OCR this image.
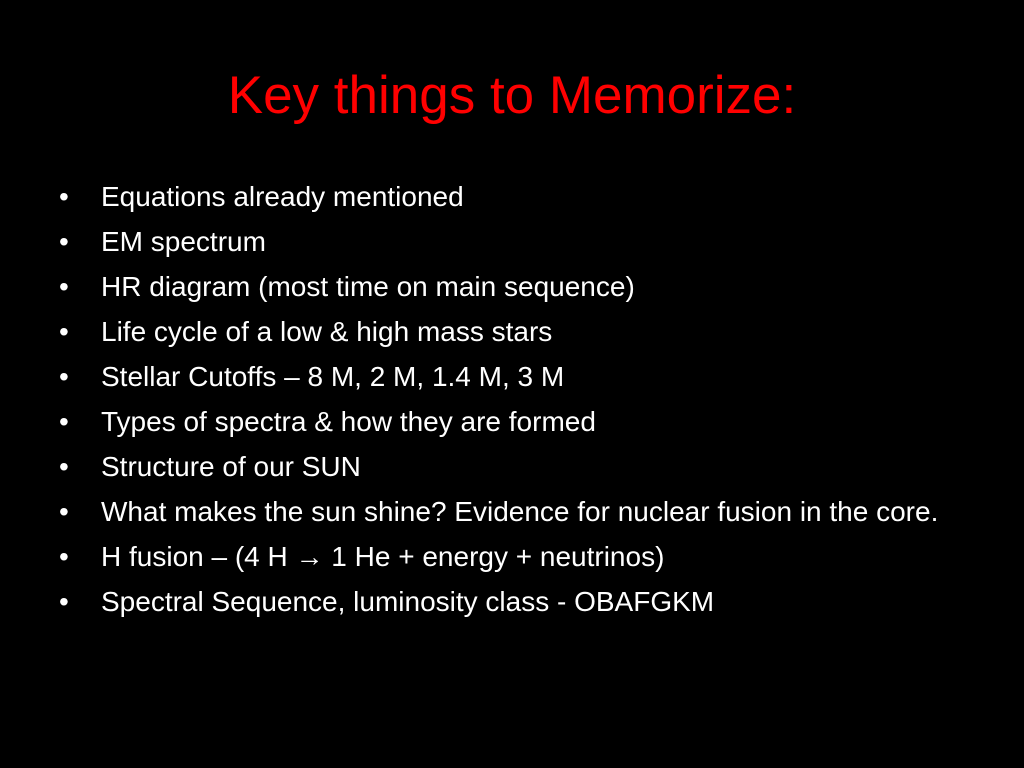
Key things to Memorize:
• Equations already mentioned
• EM spectrum
• HR diagram (most time on main sequence)
• Life cycle of a low & high mass stars
• Stellar Cutoffs – 8 M, 2 M, 1.4 M, 3 M
• Types of spectra & how they are formed
• Structure of our SUN
• What makes the sun shine? Evidence for nuclear fusion in the core.
• H fusion – (4 H → 1 He + energy + neutrinos)
• Spectral Sequence, luminosity class - OBAFGKM
